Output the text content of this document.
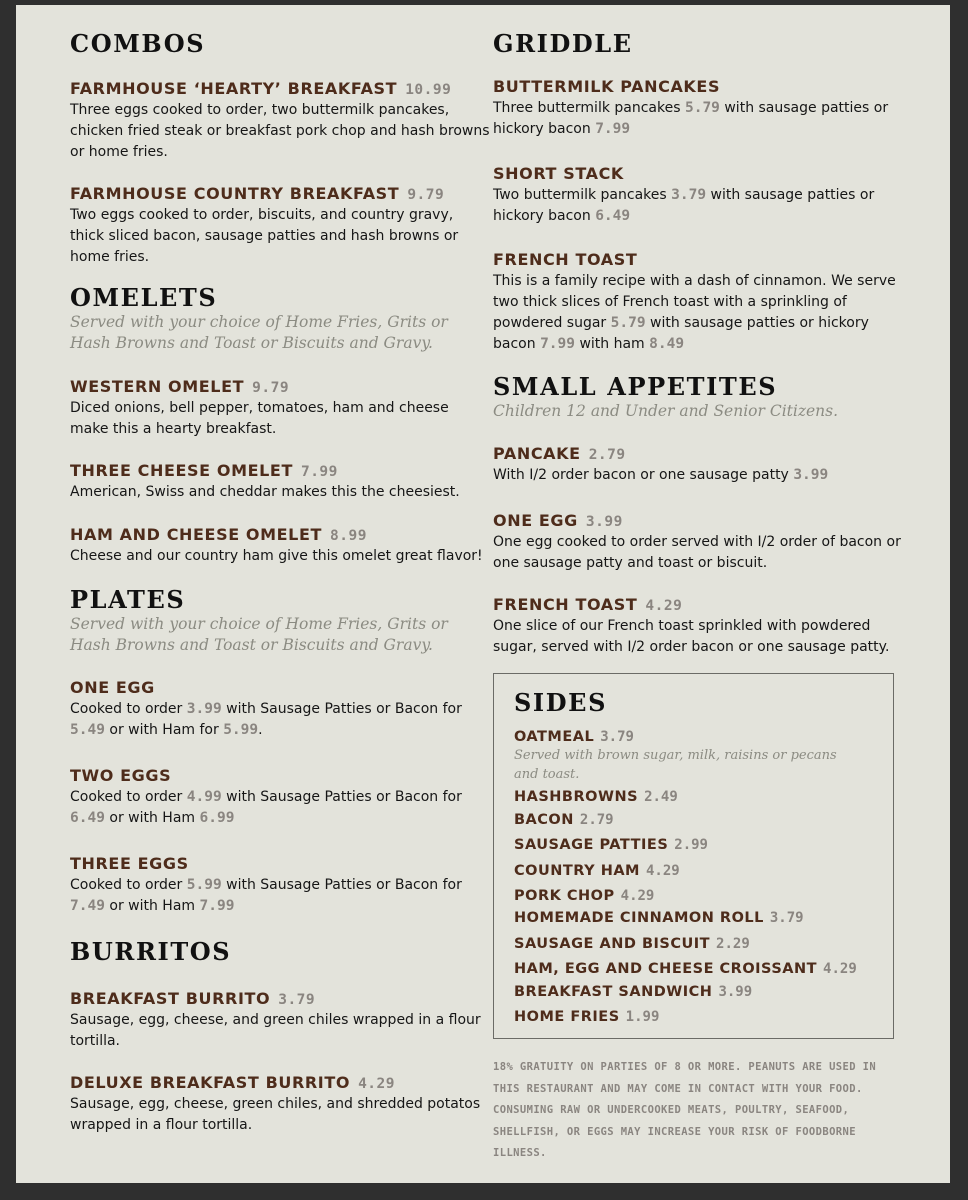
COMBOS
FARMHOUSE ‘HEARTY’ BREAKFAST 10.99
Three eggs cooked to order, two buttermilk pancakes, chicken fried steak or breakfast pork chop and hash browns or home fries.
FARMHOUSE COUNTRY BREAKFAST 9.79
Two eggs cooked to order, biscuits, and country gravy, thick sliced bacon, sausage patties and hash browns or home fries.
OMELETS
Served with your choice of Home Fries, Grits or Hash Browns and Toast or Biscuits and Gravy.
WESTERN OMELET 9.79
Diced onions, bell pepper, tomatoes, ham and cheese make this a hearty breakfast.
THREE CHEESE OMELET 7.99
American, Swiss and cheddar makes this the cheesiest.
HAM AND CHEESE OMELET 8.99
Cheese and our country ham give this omelet great flavor!
PLATES
Served with your choice of Home Fries, Grits or Hash Browns and Toast or Biscuits and Gravy.
ONE EGG
Cooked to order 3.99 with Sausage Patties or Bacon for 5.49 or with Ham for 5.99.
TWO EGGS
Cooked to order 4.99 with Sausage Patties or Bacon for 6.49 or with Ham 6.99
THREE EGGS
Cooked to order 5.99 with Sausage Patties or Bacon for 7.49 or with Ham 7.99
BURRITOS
BREAKFAST BURRITO 3.79
Sausage, egg, cheese, and green chiles wrapped in a flour tortilla.
DELUXE BREAKFAST BURRITO 4.29
Sausage, egg, cheese, green chiles, and shredded potatos wrapped in a flour tortilla.
GRIDDLE
BUTTERMILK PANCAKES
Three buttermilk pancakes 5.79 with sausage patties or hickory bacon 7.99
SHORT STACK
Two buttermilk pancakes 3.79 with sausage patties or hickory bacon 6.49
FRENCH TOAST
This is a family recipe with a dash of cinnamon. We serve two thick slices of French toast with a sprinkling of powdered sugar 5.79 with sausage patties or hickory bacon 7.99 with ham 8.49
SMALL APPETITES
Children 12 and Under and Senior Citizens.
PANCAKE 2.79
With I/2 order bacon or one sausage patty 3.99
ONE EGG 3.99
One egg cooked to order served with I/2 order of bacon or one sausage patty and toast or biscuit.
FRENCH TOAST 4.29
One slice of our French toast sprinkled with powdered sugar, served with I/2 order bacon or one sausage patty.
SIDES
OATMEAL 3.79
Served with brown sugar, milk, raisins or pecans and toast.
HASHBROWNS 2.49
BACON 2.79
SAUSAGE PATTIES 2.99
COUNTRY HAM 4.29
PORK CHOP 4.29
HOMEMADE CINNAMON ROLL 3.79
SAUSAGE AND BISCUIT 2.29
HAM, EGG AND CHEESE CROISSANT 4.29
BREAKFAST SANDWICH 3.99
HOME FRIES 1.99
18% GRATUITY ON PARTIES OF 8 OR MORE. PEANUTS ARE USED IN THIS RESTAURANT AND MAY COME IN CONTACT WITH YOUR FOOD. CONSUMING RAW OR UNDERCOOKED MEATS, POULTRY, SEAFOOD, SHELLFISH, OR EGGS MAY INCREASE YOUR RISK OF FOODBORNE ILLNESS.
